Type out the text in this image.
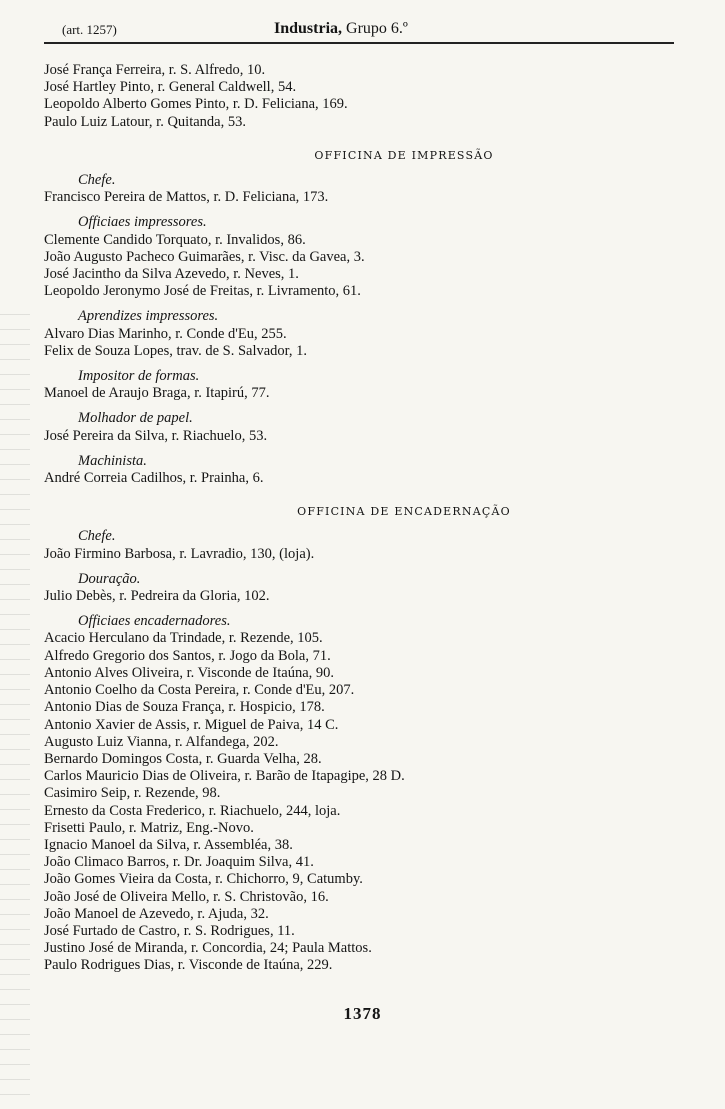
(art. 1257)	Industria, Grupo 6.º
José França Ferreira, r. S. Alfredo, 10.
José Hartley Pinto, r. General Caldwell, 54.
Leopoldo Alberto Gomes Pinto, r. D. Feliciana, 169.
Paulo Luiz Latour, r. Quitanda, 53.
OFFICINA DE IMPRESSÃO
Chefe.
Francisco Pereira de Mattos, r. D. Feliciana, 173.
Officiaes impressores.
Clemente Candido Torquato, r. Invalidos, 86.
João Augusto Pacheco Guimarães, r. Visc. da Gavea, 3.
José Jacintho da Silva Azevedo, r. Neves, 1.
Leopoldo Jeronymo José de Freitas, r. Livramento, 61.
Aprendizes impressores.
Alvaro Dias Marinho, r. Conde d'Eu, 255.
Felix de Souza Lopes, trav. de S. Salvador, 1.
Impositor de formas.
Manoel de Araujo Braga, r. Itapirú, 77.
Molhador de papel.
José Pereira da Silva, r. Riachuelo, 53.
Machinista.
André Correia Cadilhos, r. Prainha, 6.
OFFICINA DE ENCADERNAÇÃO
Chefe.
João Firmino Barbosa, r. Lavradio, 130, (loja).
Douração.
Julio Debès, r. Pedreira da Gloria, 102.
Officiaes encadernadores.
Acacio Herculano da Trindade, r. Rezende, 105.
Alfredo Gregorio dos Santos, r. Jogo da Bola, 71.
Antonio Alves Oliveira, r. Visconde de Itaúna, 90.
Antonio Coelho da Costa Pereira, r. Conde d'Eu, 207.
Antonio Dias de Souza França, r. Hospicio, 178.
Antonio Xavier de Assis, r. Miguel de Paiva, 14 C.
Augusto Luiz Vianna, r. Alfandega, 202.
Bernardo Domingos Costa, r. Guarda Velha, 28.
Carlos Mauricio Dias de Oliveira, r. Barão de Itapagipe, 28 D.
Casimiro Seip, r. Rezende, 98.
Ernesto da Costa Frederico, r. Riachuelo, 244, loja.
Frisetti Paulo, r. Matriz, Eng.-Novo.
Ignacio Manoel da Silva, r. Assembléa, 38.
João Climaco Barros, r. Dr. Joaquim Silva, 41.
João Gomes Vieira da Costa, r. Chichorro, 9, Catumby.
João José de Oliveira Mello, r. S. Christovão, 16.
João Manoel de Azevedo, r. Ajuda, 32.
José Furtado de Castro, r. S. Rodrigues, 11.
Justino José de Miranda, r. Concordia, 24; Paula Mattos.
Paulo Rodrigues Dias, r. Visconde de Itaúna, 229.
1378
